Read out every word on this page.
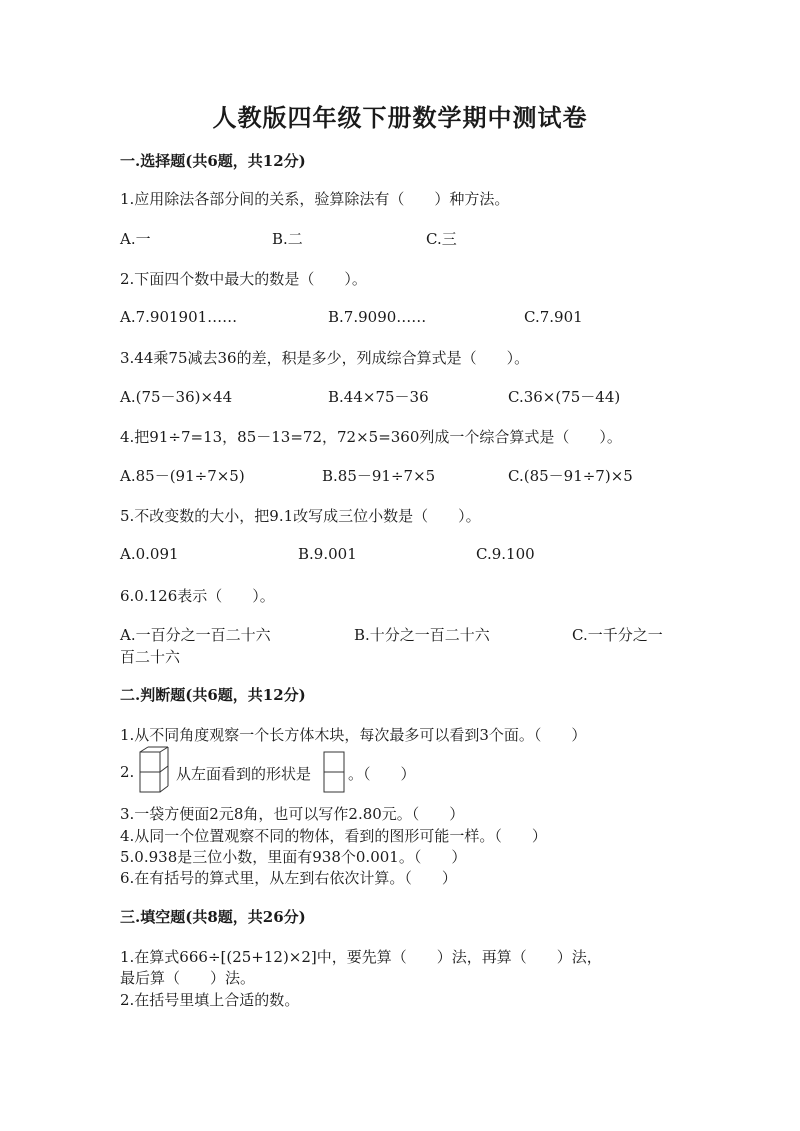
人教版四年级下册数学期中测试卷
一.选择题(共6题，共12分)
1.应用除法各部分间的关系，验算除法有（　　）种方法。
A.一	B.二	C.三
2.下面四个数中最大的数是（　　）。
A.7.901901……	B.7.9090……	C.7.901
3.44乘75减去36的差，积是多少，列成综合算式是（　　）。
A.(75－36)×44	B.44×75－36	C.36×(75－44)
4.把91÷7=13，85－13=72，72×5=360列成一个综合算式是（　　）。
A.85－(91÷7×5)	B.85－91÷7×5	C.(85－91÷7)×5
5.不改变数的大小，把9.1改写成三位小数是（　　）。
A.0.091	B.9.001	C.9.100
6.0.126表示（　　）。
A.一百分之一百二十六	B.十分之一百二十六	C.一千分之一
百二十六
二.判断题(共6题，共12分)
1.从不同角度观察一个长方体木块，每次最多可以看到3个面。（　　）
2.	从左面看到的形状是 。（　　）
3.一袋方便面2元8角，也可以写作2.80元。（　　）
4.从同一个位置观察不同的物体，看到的图形可能一样。（　　）
5.0.938是三位小数，里面有938个0.001。（　　）
6.在有括号的算式里，从左到右依次计算。（　　）
三.填空题(共8题，共26分)
1.在算式666÷[(25+12)×2]中，要先算（　　）法，再算（　　）法，
最后算（　　）法。
2.在括号里填上合适的数。
